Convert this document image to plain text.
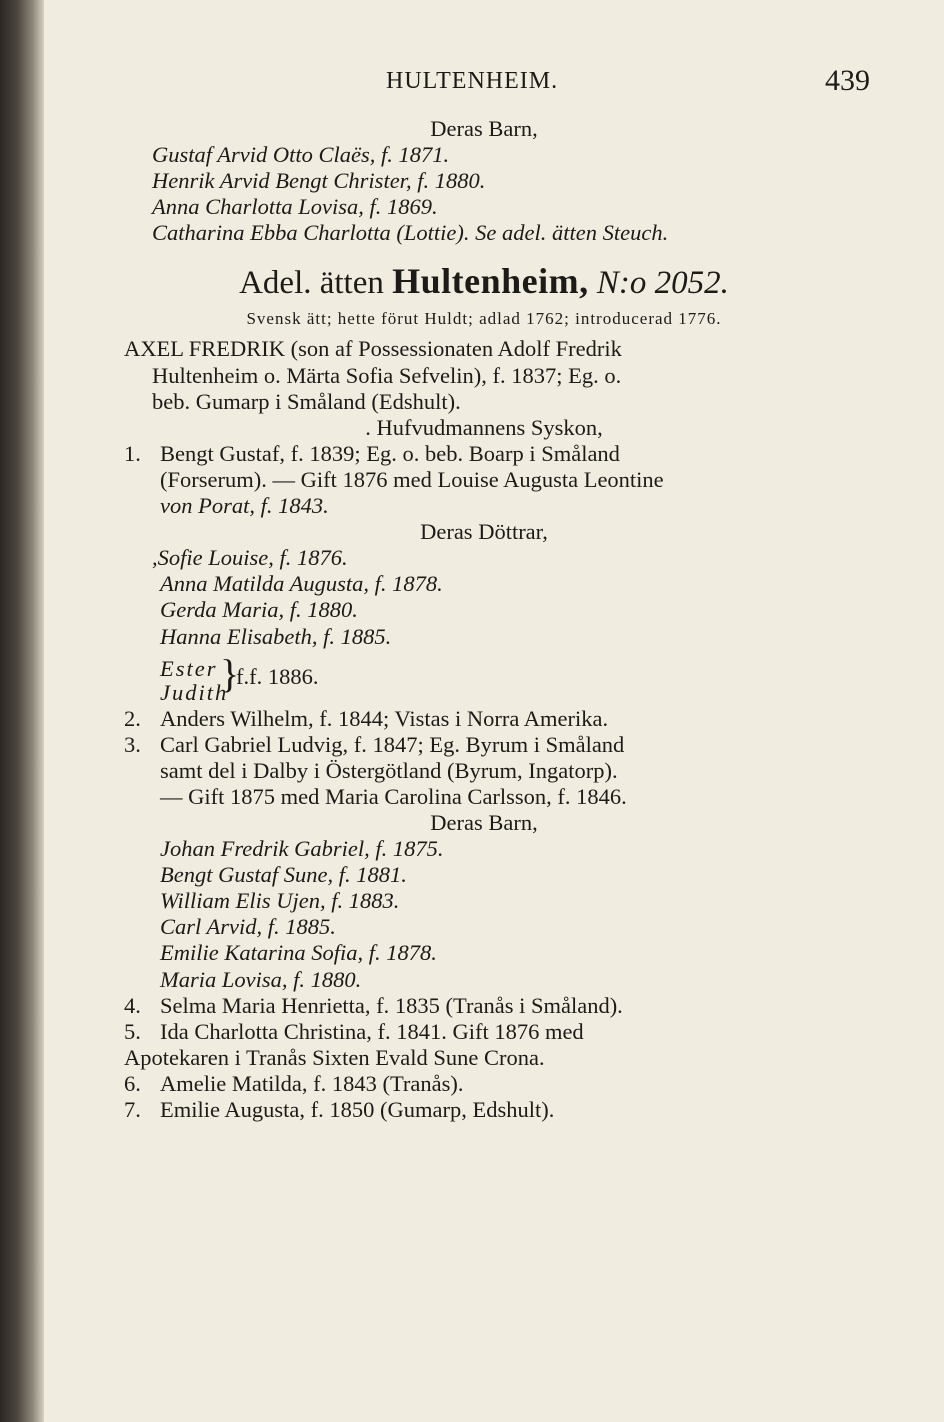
HULTENHEIM.	439
Deras Barn,
Gustaf Arvid Otto Claës, f. 1871.
Henrik Arvid Bengt Christer, f. 1880.
Anna Charlotta Lovisa, f. 1869.
Catharina Ebba Charlotta (Lottie). Se adel. ätten Steuch.
Adel. ätten Hultenheim, N:o 2052.
Svensk ätt; hette förut Huldt; adlad 1762; introducerad 1776.
AXEL FREDRIK (son af Possessionaten Adolf Fredrik
Hultenheim o. Märta Sofia Sefvelin), f. 1837; Eg. o.
beb. Gumarp i Småland (Edshult).
. Hufvudmannens Syskon,
1. Bengt Gustaf, f. 1839; Eg. o. beb. Boarp i Småland
(Forserum). — Gift 1876 med Louise Augusta Leontine
von Porat, f. 1843.
Deras Döttrar,
,Sofie Louise, f. 1876.
Anna Matilda Augusta, f. 1878.
Gerda Maria, f. 1880.
Hanna Elisabeth, f. 1885.
Ester
Judith
}
f.f. 1886.
2. Anders Wilhelm, f. 1844; Vistas i Norra Amerika.
3. Carl Gabriel Ludvig, f. 1847; Eg. Byrum i Småland
samt del i Dalby i Östergötland (Byrum, Ingatorp).
— Gift 1875 med Maria Carolina Carlsson, f. 1846.
Deras Barn,
Johan Fredrik Gabriel, f. 1875.
Bengt Gustaf Sune, f. 1881.
William Elis Ujen, f. 1883.
Carl Arvid, f. 1885.
Emilie Katarina Sofia, f. 1878.
Maria Lovisa, f. 1880.
4. Selma Maria Henrietta, f. 1835 (Tranås i Småland).
5. Ida Charlotta Christina, f. 1841. Gift 1876 med
Apotekaren i Tranås Sixten Evald Sune Crona.
6. Amelie Matilda, f. 1843 (Tranås).
7. Emilie Augusta, f. 1850 (Gumarp, Edshult).
